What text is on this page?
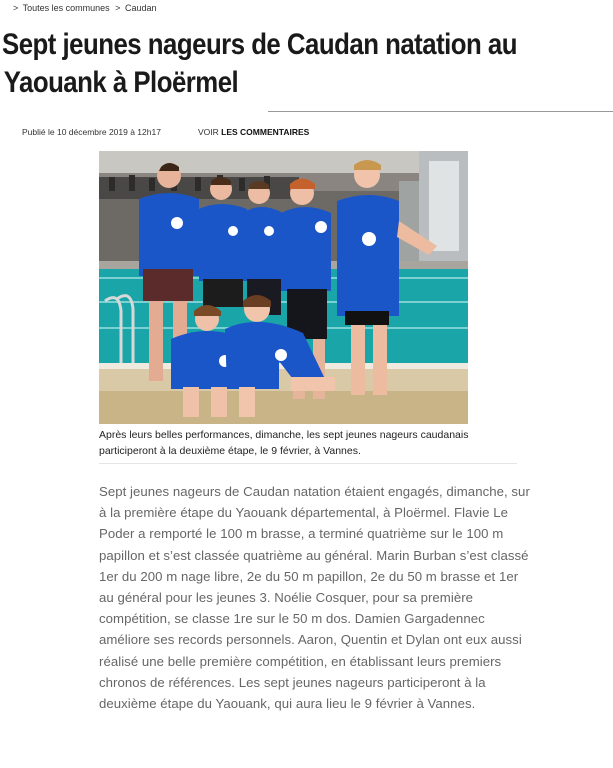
> Toutes les communes > Caudan
Sept jeunes nageurs de Caudan natation au
Yaouank à Ploërmel
Publié le 10 décembre 2019 à 12h17	VOIR LES COMMENTAIRES

Après leurs belles performances, dimanche, les sept jeunes nageurs caudanais participeront à la deuxième étape, le 9 février, à Vannes.

Sept jeunes nageurs de Caudan natation étaient engagés, dimanche, sur
à la première étape du Yaouank départemental, à Ploërmel. Flavie Le
Poder a remporté le 100 m brasse, a terminé quatrième sur le 100 m
papillon et s’est classée quatrième au général. Marin Burban s’est classé
1er du 200 m nage libre, 2e du 50 m papillon, 2e du 50 m brasse et 1er
au général pour les jeunes 3. Noélie Cosquer, pour sa première
compétition, se classe 1re sur le 50 m dos. Damien Gargadennec
améliore ses records personnels. Aaron, Quentin et Dylan ont eux aussi
réalisé une belle première compétition, en établissant leurs premiers
chronos de références. Les sept jeunes nageurs participeront à la
deuxième étape du Yaouank, qui aura lieu le 9 février à Vannes.
